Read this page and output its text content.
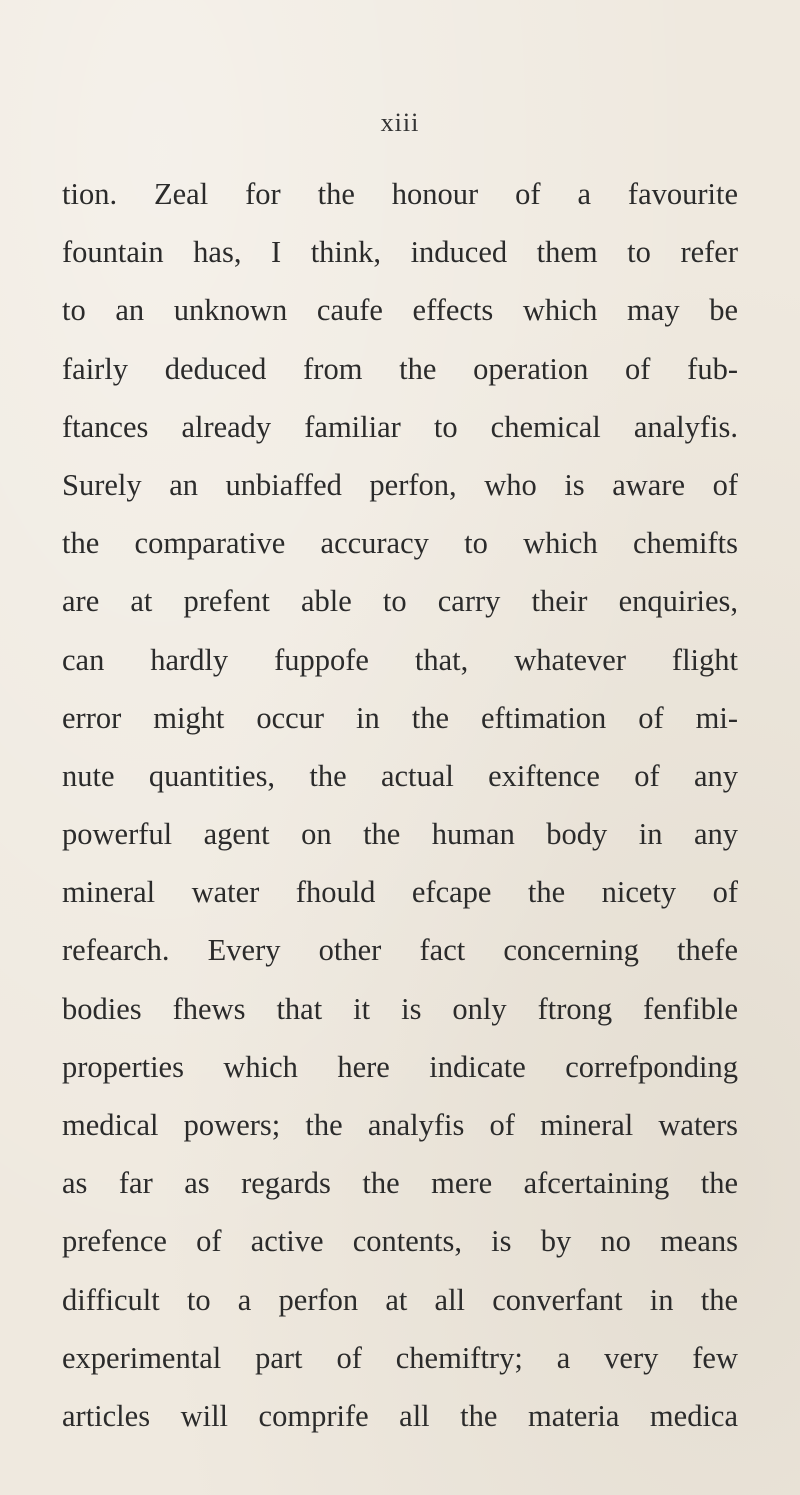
xiii
tion. Zeal for the honour of a favourite
fountain has, I think, induced them to refer
to an unknown caufe effects which may be
fairly deduced from the operation of fub-
ftances already familiar to chemical analyfis.
Surely an unbiaffed perfon, who is aware of
the comparative accuracy to which chemifts
are at prefent able to carry their enquiries,
can hardly fuppofe that, whatever flight
error might occur in the eftimation of mi-
nute quantities, the actual exiftence of any
powerful agent on the human body in any
mineral water fhould efcape the nicety of
refearch. Every other fact concerning thefe
bodies fhews that it is only ftrong fenfible
properties which here indicate correfponding
medical powers; the analyfis of mineral waters
as far as regards the mere afcertaining the
prefence of active contents, is by no means
difficult to a perfon at all converfant in the
experimental part of chemiftry; a very few
articles will comprife all the materia medica
